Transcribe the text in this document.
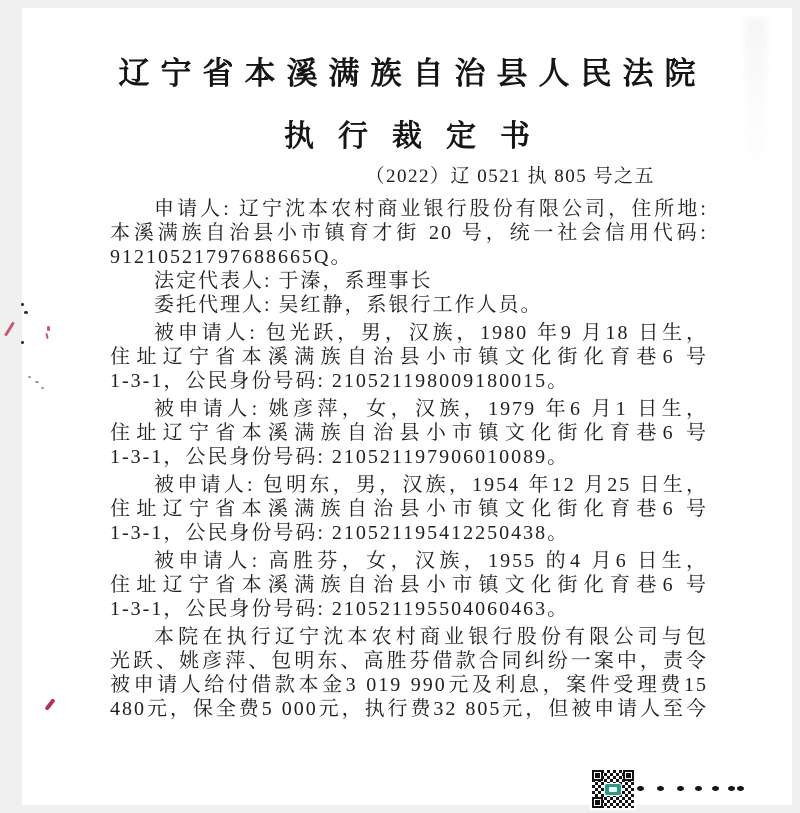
辽宁省本溪满族自治县人民法院
执行裁定书
（2022）辽 0521 执 805 号之五
申请人: 辽宁沈本农村商业银行股份有限公司，住所地:
本溪满族自治县小市镇育才街 20 号，统一社会信用代码:
91210521797688665Q。
法定代表人: 于溱，系理事长
委托代理人: 吴红静，系银行工作人员。
被申请人: 包光跃，男，汉族，1980 年9 月18 日生，
住址辽宁省本溪满族自治县小市镇文化街化育巷6 号
1-3-1，公民身份号码: 210521198009180015。
被申请人: 姚彦萍，女，汉族，1979 年6 月1 日生，
住址辽宁省本溪满族自治县小市镇文化街化育巷6 号
1-3-1，公民身份号码: 210521197906010089。
被申请人: 包明东，男，汉族，1954 年12 月25 日生，
住址辽宁省本溪满族自治县小市镇文化街化育巷6 号
1-3-1，公民身份号码: 210521195412250438。
被申请人: 高胜芬，女，汉族，1955 的4 月6 日生，
住址辽宁省本溪满族自治县小市镇文化街化育巷6 号
1-3-1，公民身份号码: 210521195504060463。
本院在执行辽宁沈本农村商业银行股份有限公司与包
光跃、姚彦萍、包明东、高胜芬借款合同纠纷一案中，责令
被申请人给付借款本金3 019 990元及利息，案件受理费15
480元，保全费5 000元，执行费32 805元，但被申请人至今
